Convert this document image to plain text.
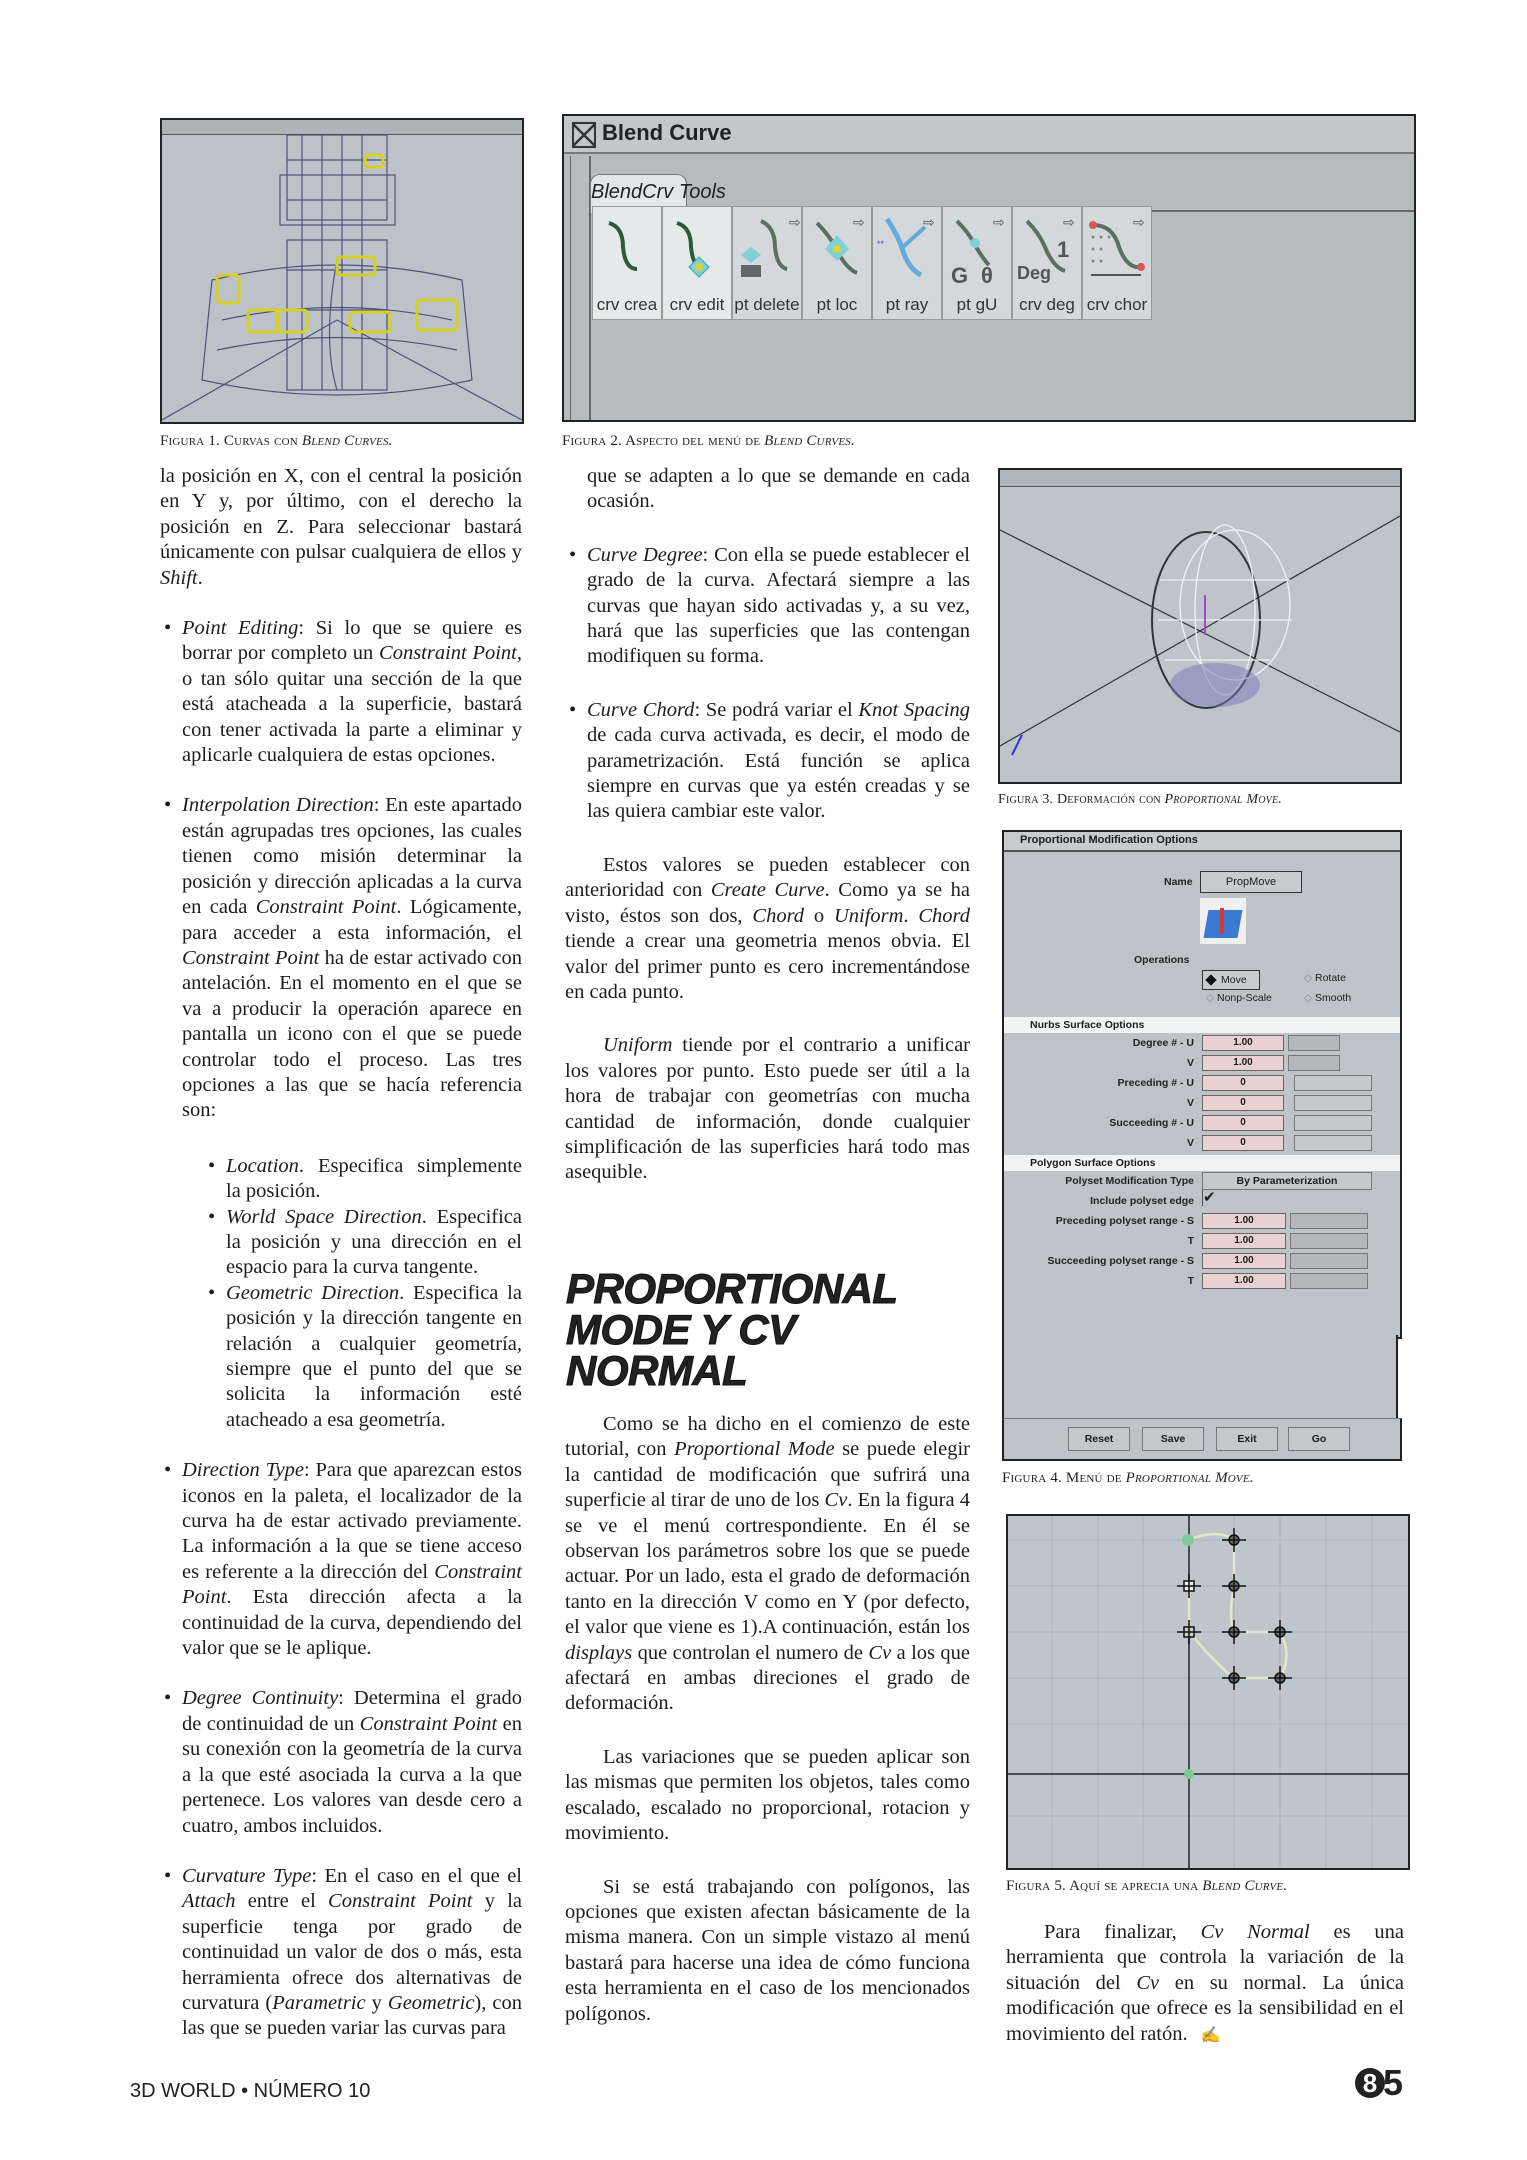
Figura 1. Curvas con Blend Curves.
Blend Curve
BlendCrv Tools
crv crea crv edit
⇨
pt delete
⇨
pt loc
**
⇨
pt ray
G θ
⇨
pt gU
Deg
1
⇨
crv deg
⇨
crv chor
Figura 2. Aspecto del menú de Blend Curves.

la posición en X, con el central la posición en Y y, por último, con el derecho la posición en Z. Para seleccionar bastará únicamente con pulsar cualquiera de ellos y Shift.

• Point Editing: Si lo que se quiere es borrar por completo un Constraint Point, o tan sólo quitar una sección de la que está atacheada a la superficie, bastará con tener activada la parte a eliminar y aplicarle cualquiera de estas opciones.
• Interpolation Direction: En este apartado están agrupadas tres opciones, las cuales tienen como misión determinar la posición y dirección aplicadas a la curva en cada Constraint Point. Lógicamente, para acceder a esta información, el Constraint Point ha de estar activado con antelación. En el momento en el que se va a producir la operación aparece en pantalla un icono con el que se puede controlar todo el proceso. Las tres opciones a las que se hacía referencia son:
• Location. Especifica simplemente la posición.
• World Space Direction. Especifica la posición y una dirección en el espacio para la curva tangente.
• Geometric Direction. Especifica la posición y la dirección tangente en relación a cualquier geometría, siempre que el punto del que se solicita la información esté atacheado a esa geometría.
• Direction Type: Para que aparezcan estos iconos en la paleta, el localizador de la curva ha de estar activado previamente. La información a la que se tiene acceso es referente a la dirección del Constraint Point. Esta dirección afecta a la continuidad de la curva, dependiendo del valor que se le aplique.
• Degree Continuity: Determina el grado de continuidad de un Constraint Point en su conexión con la geometría de la curva a la que esté asociada la curva a la que pertenece. Los valores van desde cero a cuatro, ambos incluidos.
• Curvature Type: En el caso en el que el Attach entre el Constraint Point y la superficie tenga por grado de continuidad un valor de dos o más, esta herramienta ofrece dos alternativas de curvatura (Parametric y Geometric), con las que se pueden variar las curvas para

que se adapten a lo que se demande en cada ocasión.

• Curve Degree: Con ella se puede establecer el grado de la curva. Afectará siempre a las curvas que hayan sido activadas y, a su vez, hará que las superficies que las contengan modifiquen su forma.
• Curve Chord: Se podrá variar el Knot Spacing de cada curva activada, es decir, el modo de parametrización. Está función se aplica siempre en curvas que ya estén creadas y se las quiera cambiar este valor.

Estos valores se pueden establecer con anterioridad con Create Curve. Como ya se ha visto, éstos son dos, Chord o Uniform. Chord tiende a crear una geometria menos obvia. El valor del primer punto es cero incrementándose en cada punto.

Uniform tiende por el contrario a unificar los valores por punto. Esto puede ser útil a la hora de trabajar con geometrías con mucha cantidad de información, donde cualquier simplificación de las superficies hará todo mas asequible.

PROPORTIONAL
MODE Y CV
NORMAL

Como se ha dicho en el comienzo de este tutorial, con Proportional Mode se puede elegir la cantidad de modificación que sufrirá una superficie al tirar de uno de los Cv. En la figura 4 se ve el menú cortrespondiente. En él se observan los parámetros sobre los que se puede actuar. Por un lado, esta el grado de deformación tanto en la dirección V como en Y (por defecto, el valor que viene es 1).A continuación, están los displays que controlan el numero de Cv a los que afectará en ambas direciones el grado de deformación.

Las variaciones que se pueden aplicar son las mismas que permiten los objetos, tales como escalado, escalado no proporcional, rotacion y movimiento.

Si se está trabajando con polígonos, las opciones que existen afectan básicamente de la misma manera. Con un simple vistazo al menú bastará para hacerse una idea de cómo funciona esta herramienta en el caso de los mencionados polígonos.

Figura 3. Deformación con Proportional Move.
Proportional Modification Options
Name	PropMove
Operations
Move	◇ Rotate
◇ Nonp-Scale	◇ Smooth
Nurbs Surface Options
Degree # - U	1.00
V	1.00
Preceding # - U	0
V	0
Succeeding # - U	0
V	0
Polygon Surface Options
Polyset Modification Type	By Parameterization
Include polyset edge ✔
Preceding polyset range - S	1.00
T	1.00
Succeeding polyset range - S	1.00
T	1.00
Reset	Save	Exit	Go
Figura 4. Menú de Proportional Move.
Figura 5. Aquí se aprecia una Blend Curve.

Para finalizar, Cv Normal es una herramienta que controla la variación de la situación del Cv en su normal. La única modificación que ofrece es la sensibilidad en el movimiento del ratón. ✍

3D WORLD • NÚMERO 10	8 5
